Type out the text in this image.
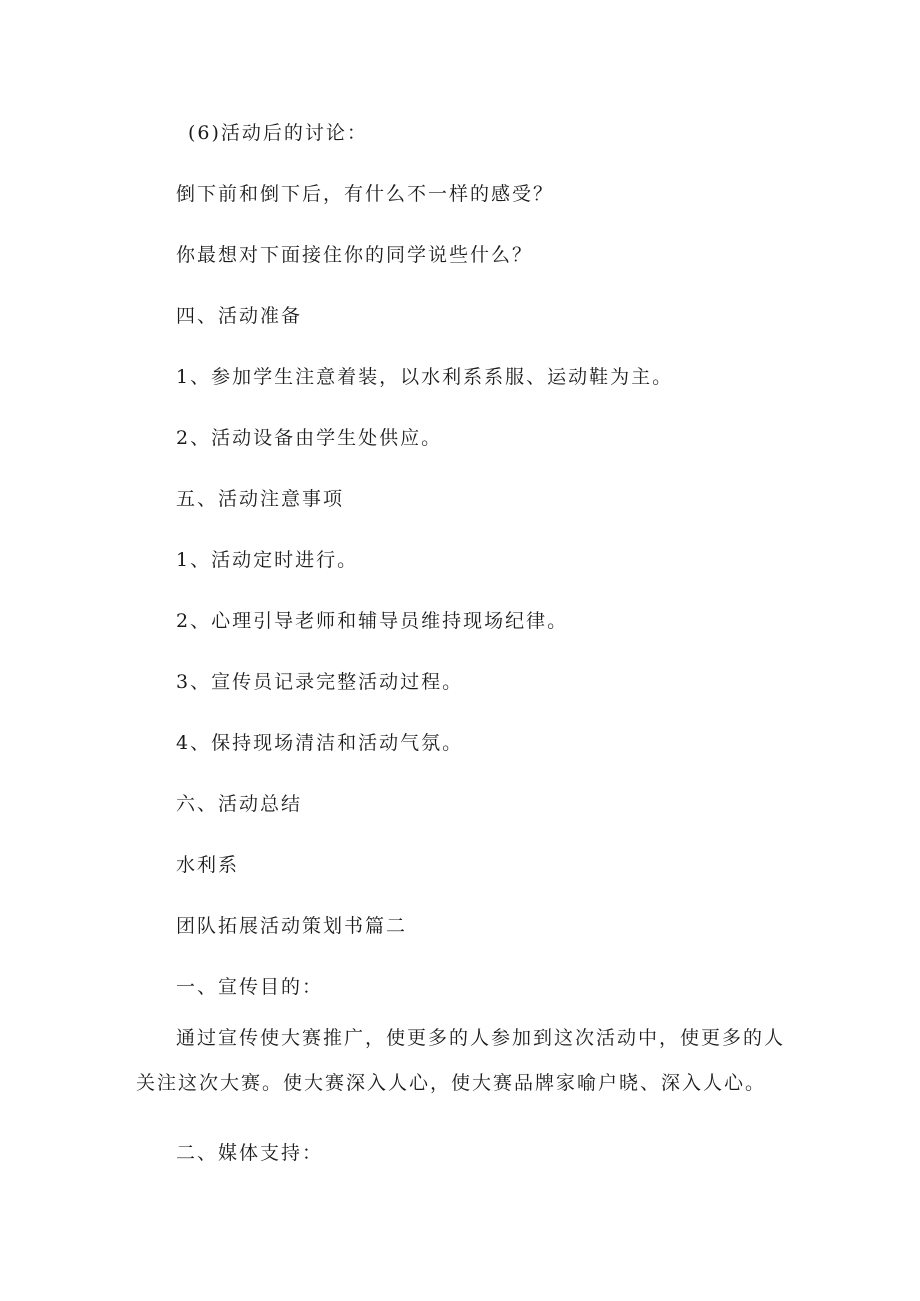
(6)活动后的讨论：
倒下前和倒下后，有什么不一样的感受？
你最想对下面接住你的同学说些什么？
四、活动准备
1、参加学生注意着装，以水利系系服、运动鞋为主。
2、活动设备由学生处供应。
五、活动注意事项
1、活动定时进行。
2、心理引导老师和辅导员维持现场纪律。
3、宣传员记录完整活动过程。
4、保持现场清洁和活动气氛。
六、活动总结
水利系
团队拓展活动策划书篇二
一、宣传目的：
通过宣传使大赛推广，使更多的人参加到这次活动中，使更多的人关注这次大赛。使大赛深入人心，使大赛品牌家喻户晓、深入人心。
二、媒体支持：
